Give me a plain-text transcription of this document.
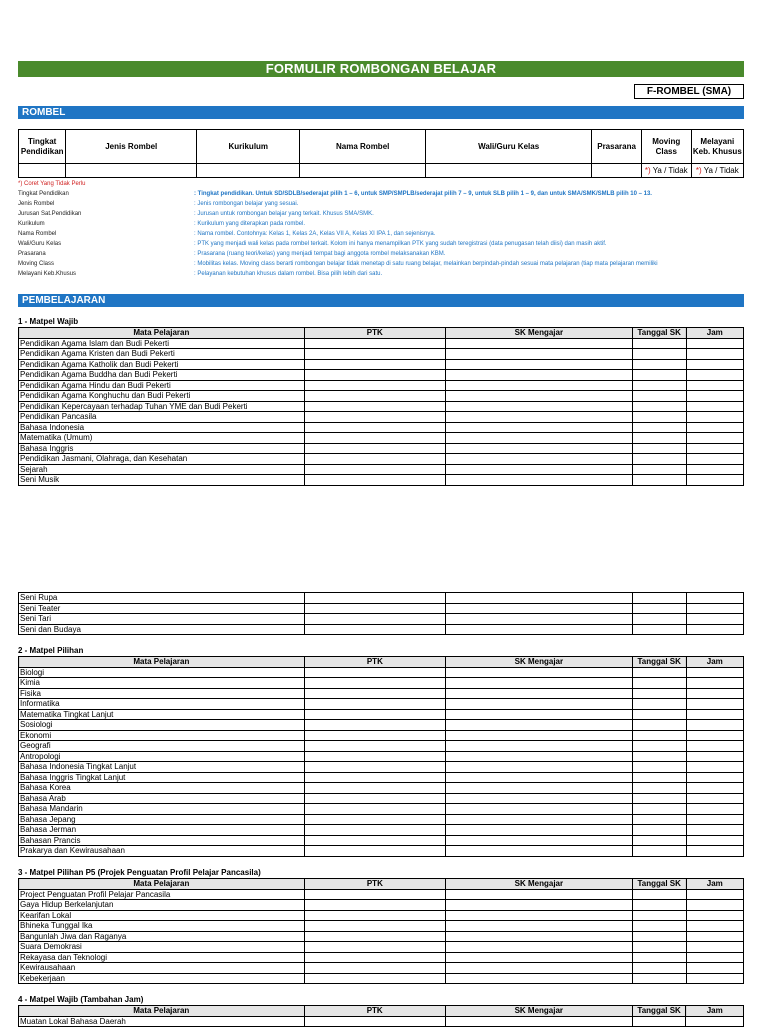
FORMULIR ROMBONGAN BELAJAR
F-ROMBEL (SMA)
ROMBEL
Tingkat Pendidikan	Jenis Rombel	Kurikulum	Nama Rombel	Wali/Guru Kelas	Prasarana	Moving Class	Melayani Keb. Khusus
						*) Ya / Tidak	*) Ya / Tidak
*) Coret Yang Tidak Perlu
Tingkat Pendidikan	: Tingkat pendidikan. Untuk SD/SDLB/sederajat pilih 1 – 6, untuk SMP/SMPLB/sederajat pilih 7 – 9, untuk SLB pilih 1 – 9, dan untuk SMA/SMK/SMLB pilih 10 – 13.
Jenis Rombel	: Jenis rombongan belajar yang sesuai.
Jurusan Sat.Pendidikan	: Jurusan untuk rombongan belajar yang terkait. Khusus SMA/SMK.
Kurikulum	: Kurikulum yang diterapkan pada rombel.
Nama Rombel	: Nama rombel. Contohnya: Kelas 1, Kelas 2A, Kelas VII A, Kelas XI IPA 1, dan sejenisnya.
Wali/Guru Kelas	: PTK yang menjadi wali kelas pada rombel terkait. Kolom ini hanya menampilkan PTK yang sudah teregistrasi (data penugasan telah diisi) dan masih aktif.
Prasarana	: Prasarana (ruang teori/kelas) yang menjadi tempat bagi anggota rombel melaksanakan KBM.
Moving Class	: Mobilitas kelas. Moving class berarti rombongan belajar tidak menetap di satu ruang belajar, melainkan berpindah-pindah sesuai mata pelajaran (tiap mata pelajaran memiliki
Melayani Keb.Khusus	: Pelayanan kebutuhan khusus dalam rombel. Bisa pilih lebih dari satu.
PEMBELAJARAN
1 - Matpel Wajib
Mata Pelajaran	PTK	SK Mengajar	Tanggal SK	Jam
Pendidikan Agama Islam dan Budi Pekerti				
Pendidikan Agama Kristen dan Budi Pekerti				
Pendidikan Agama Katholik dan Budi Pekerti				
Pendidikan Agama Buddha dan Budi Pekerti				
Pendidikan Agama Hindu dan Budi Pekerti				
Pendidikan Agama Konghuchu dan Budi Pekerti				
Pendidikan Kepercayaan terhadap Tuhan YME dan Budi Pekerti				
Pendidikan Pancasila				
Bahasa Indonesia				
Matematika (Umum)				
Bahasa Inggris				
Pendidikan Jasmani, Olahraga, dan Kesehatan				
Sejarah				
Seni Musik				
Seni Rupa				
Seni Teater				
Seni Tari				
Seni dan Budaya				
2 - Matpel Pilihan
Mata Pelajaran	PTK	SK Mengajar	Tanggal SK	Jam
Biologi				
Kimia				
Fisika				
Informatika				
Matematika Tingkat Lanjut				
Sosiologi				
Ekonomi				
Geografi				
Antropologi				
Bahasa Indonesia Tingkat Lanjut				
Bahasa Inggris Tingkat Lanjut				
Bahasa Korea				
Bahasa Arab				
Bahasa Mandarin				
Bahasa Jepang				
Bahasa Jerman				
Bahasan Prancis				
Prakarya dan Kewirausahaan				
3 - Matpel Pilihan P5 (Projek Penguatan Profil Pelajar Pancasila)
Mata Pelajaran	PTK	SK Mengajar	Tanggal SK	Jam
Project Penguatan Profil Pelajar Pancasila				
Gaya Hidup Berkelanjutan				
Kearifan Lokal				
Bhineka Tunggal Ika				
Bangunlah Jiwa dan Raganya				
Suara Demokrasi				
Rekayasa dan Teknologi				
Kewirausahaan				
Kebekerjaan				
4 - Matpel Wajib (Tambahan Jam)
Mata Pelajaran	PTK	SK Mengajar	Tanggal SK	Jam
Muatan Lokal Bahasa Daerah				
